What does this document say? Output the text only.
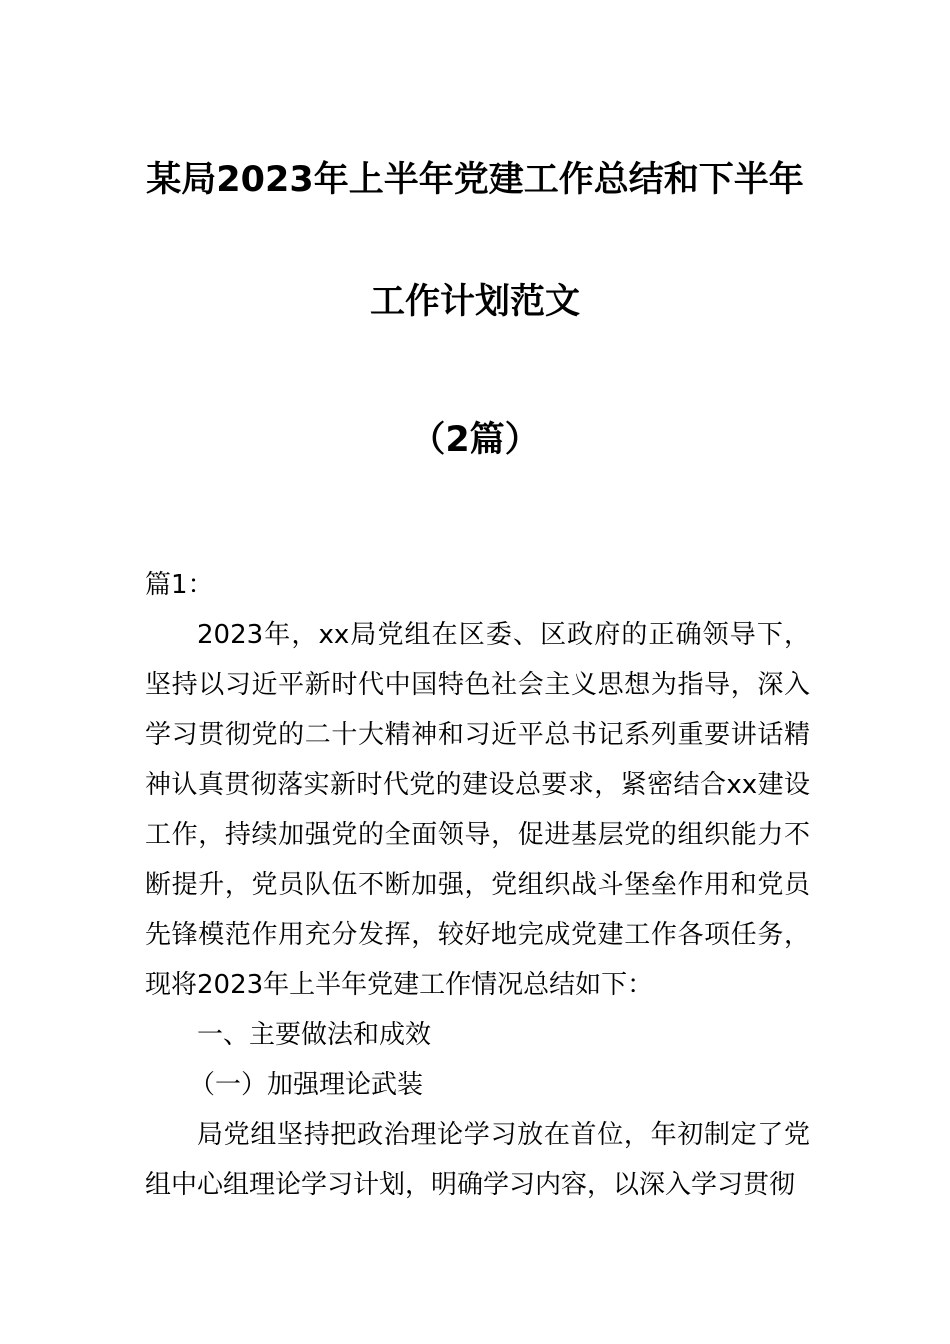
某局2023年上半年党建工作总结和下半年
工作计划范文
（2篇）

篇1：

2023年，xx局党组在区委、区政府的正确领导下，坚持以习近平新时代中国特色社会主义思想为指导，深入学习贯彻党的二十大精神和习近平总书记系列重要讲话精神认真贯彻落实新时代党的建设总要求，紧密结合xx建设工作，持续加强党的全面领导，促进基层党的组织能力不断提升，党员队伍不断加强，党组织战斗堡垒作用和党员先锋模范作用充分发挥，较好地完成党建工作各项任务，现将2023年上半年党建工作情况总结如下：

一、主要做法和成效

（一）加强理论武装

局党组坚持把政治理论学习放在首位，年初制定了党组中心组理论学习计划，明确学习内容，以深入学习贯彻
